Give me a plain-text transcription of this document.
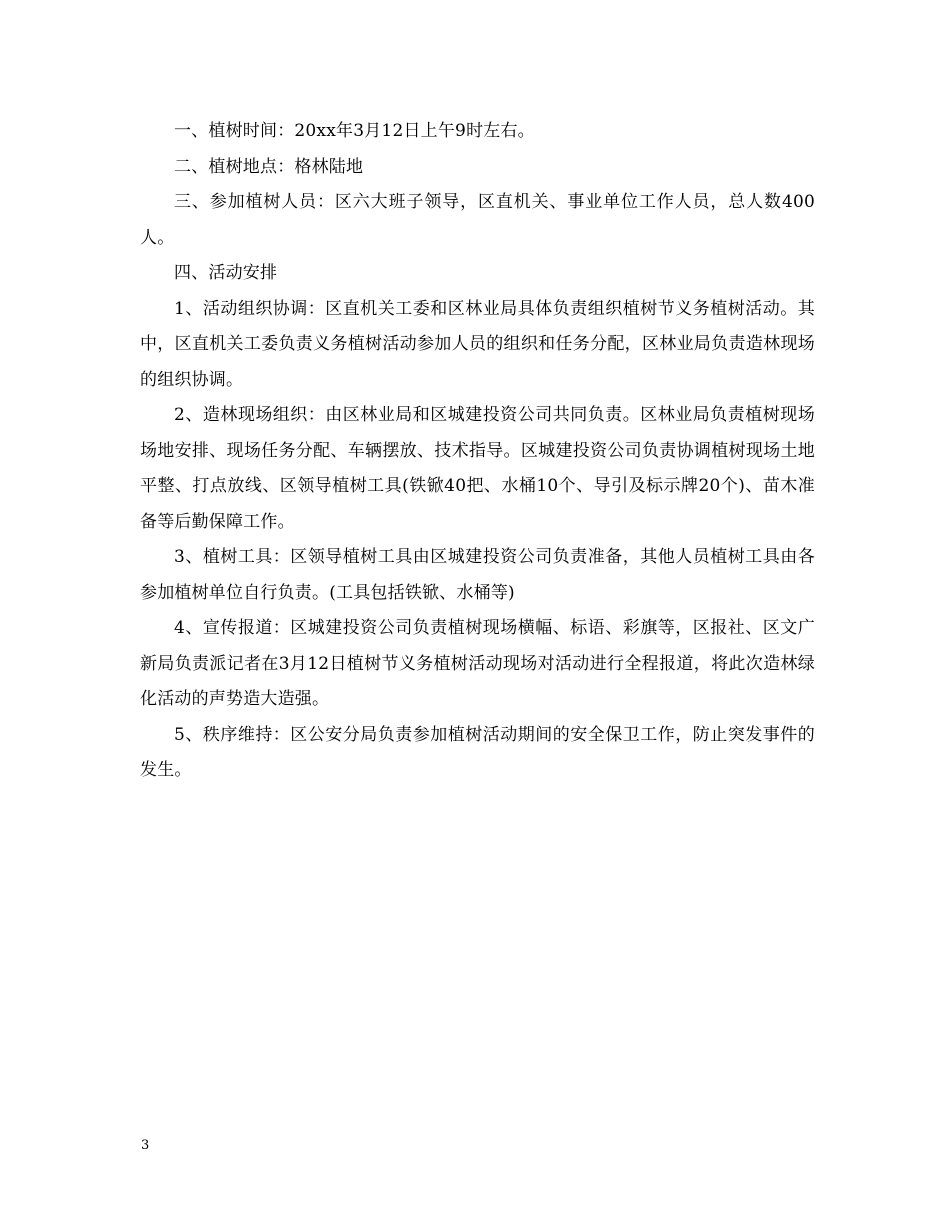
一、植树时间：20xx年3月12日上午9时左右。

二、植树地点：格林陆地

三、参加植树人员：区六大班子领导，区直机关、事业单位工作人员，总人数400人。

四、活动安排

1、活动组织协调：区直机关工委和区林业局具体负责组织植树节义务植树活动。其中，区直机关工委负责义务植树活动参加人员的组织和任务分配，区林业局负责造林现场的组织协调。

2、造林现场组织：由区林业局和区城建投资公司共同负责。区林业局负责植树现场场地安排、现场任务分配、车辆摆放、技术指导。区城建投资公司负责协调植树现场土地平整、打点放线、区领导植树工具(铁锨40把、水桶10个、导引及标示牌20个)、苗木准备等后勤保障工作。

3、植树工具：区领导植树工具由区城建投资公司负责准备，其他人员植树工具由各参加植树单位自行负责。(工具包括铁锨、水桶等)

4、宣传报道：区城建投资公司负责植树现场横幅、标语、彩旗等，区报社、区文广新局负责派记者在3月12日植树节义务植树活动现场对活动进行全程报道，将此次造林绿化活动的声势造大造强。

5、秩序维持：区公安分局负责参加植树活动期间的安全保卫工作，防止突发事件的发生。

3
